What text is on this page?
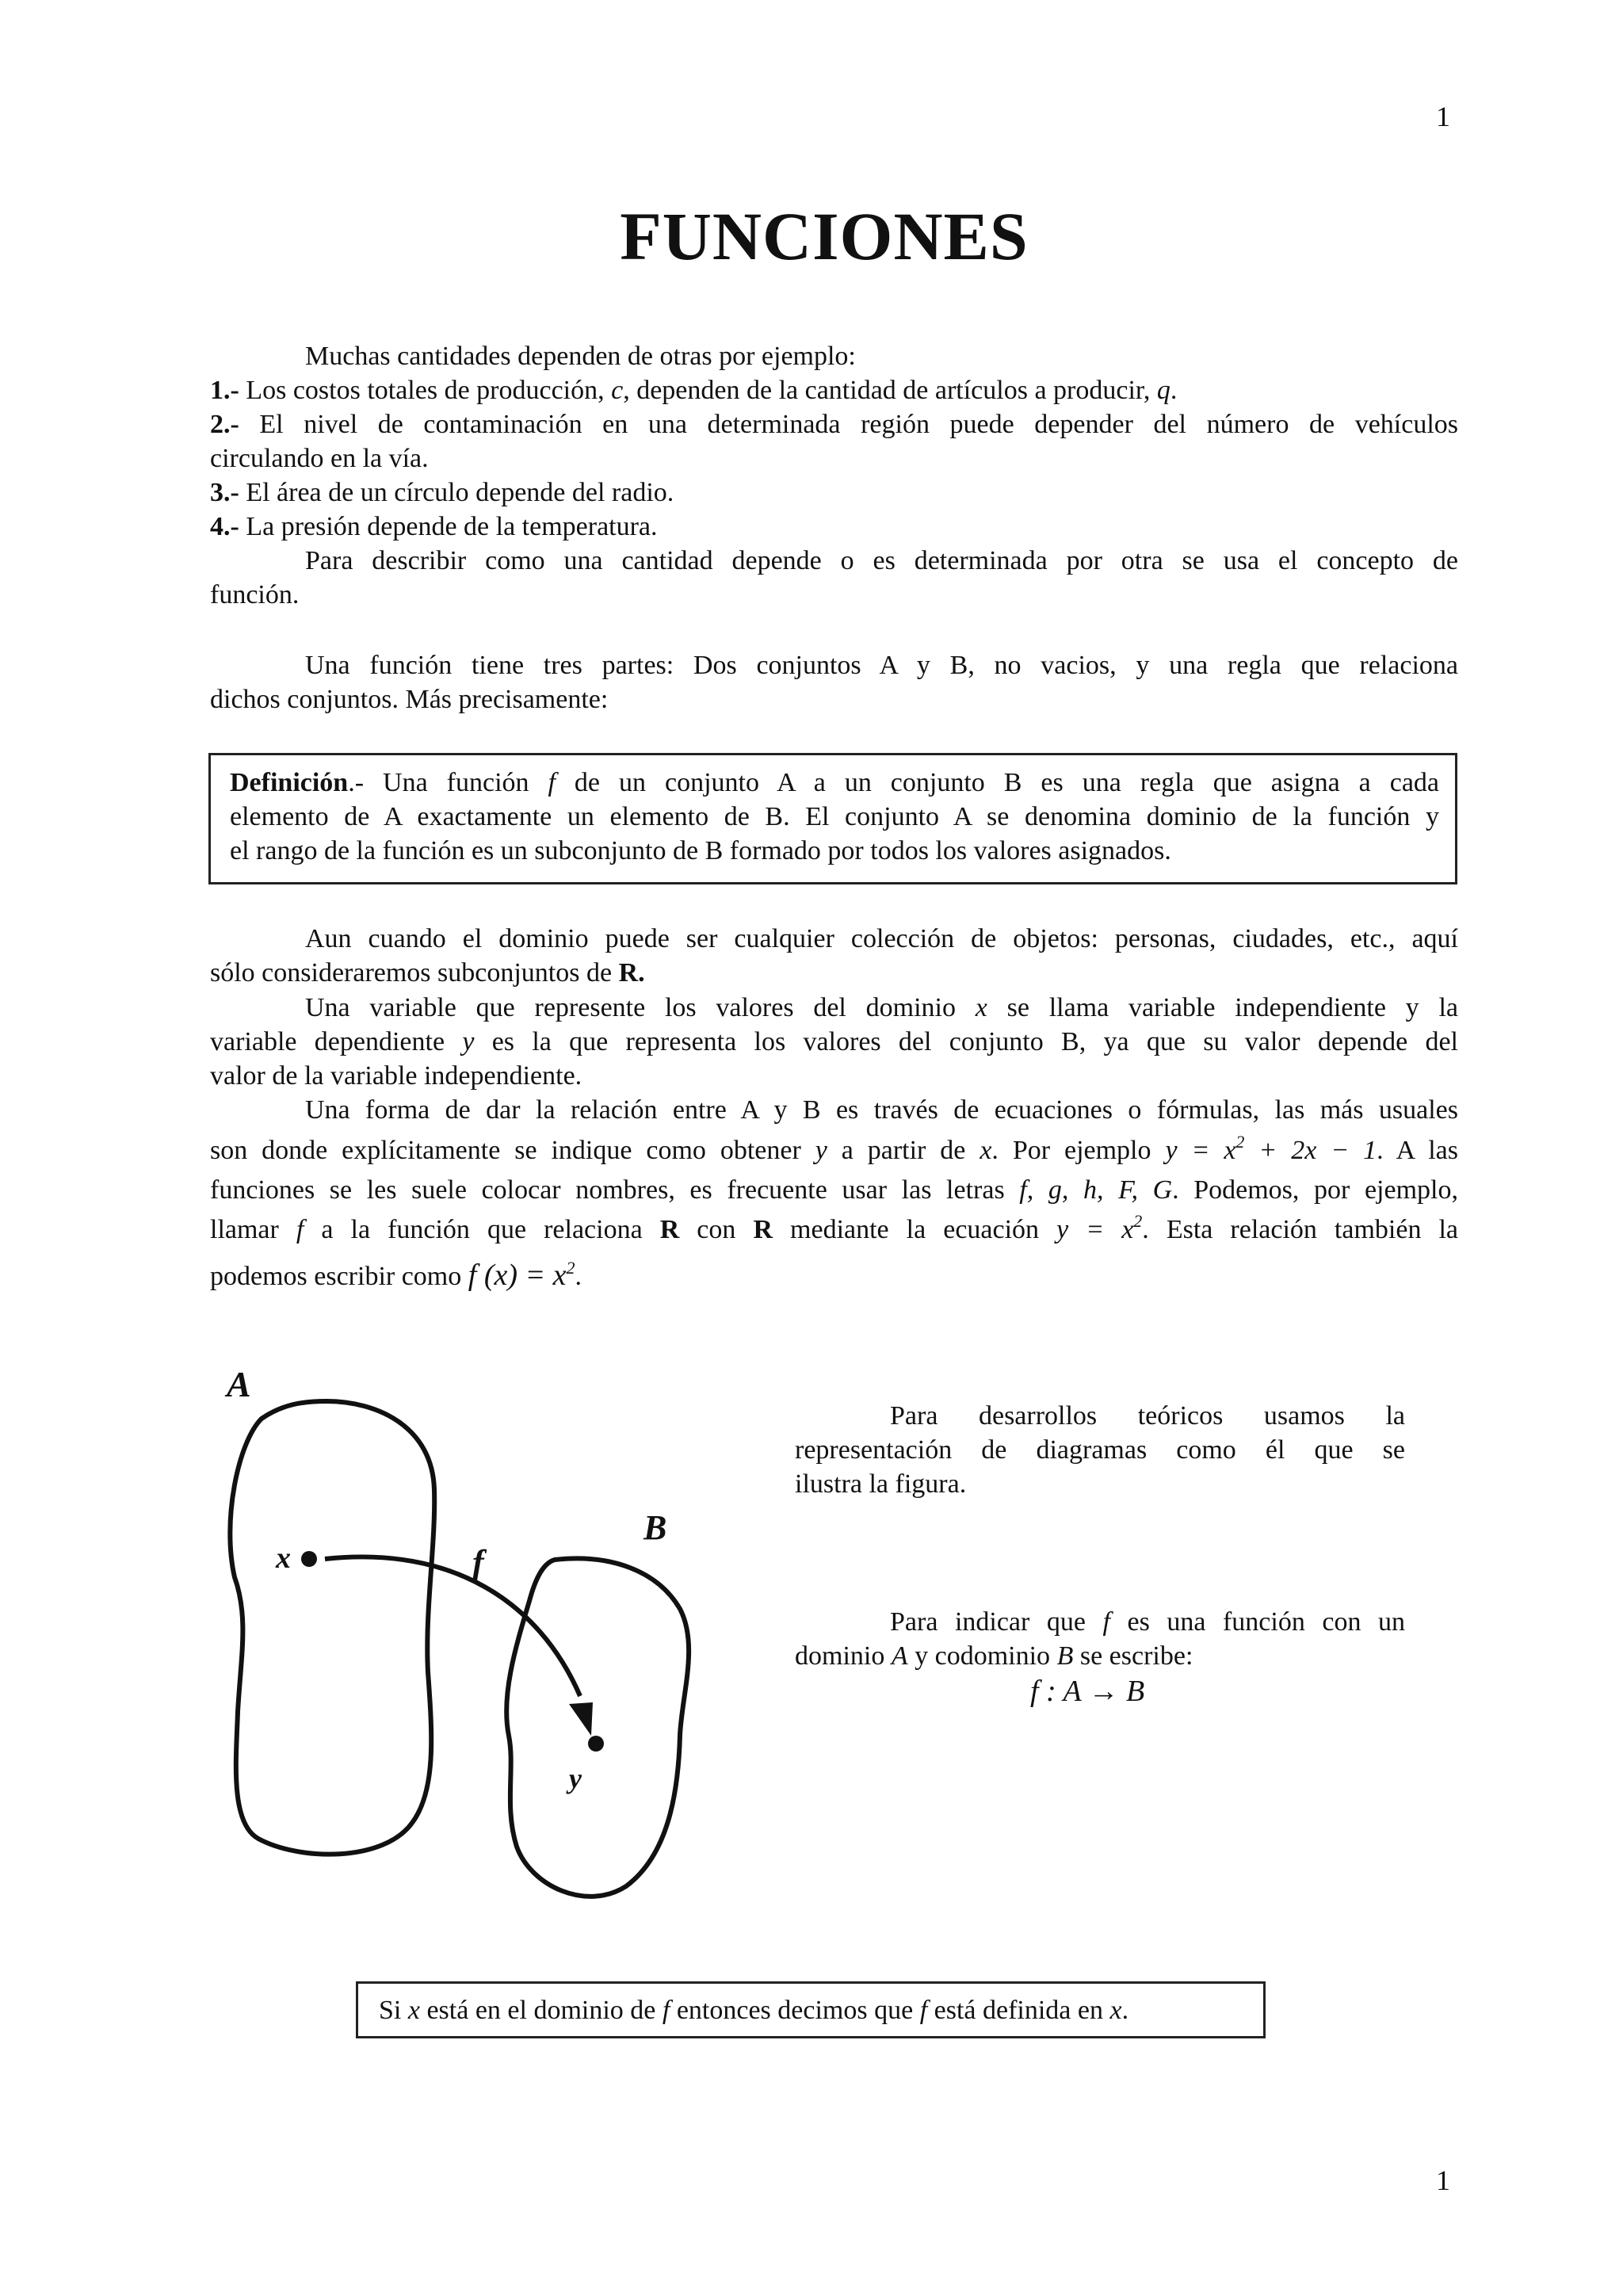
1
1
FUNCIONES
Muchas cantidades dependen de otras por ejemplo:
1.- Los costos totales de producción, c, dependen de la cantidad de artículos a producir, q.
2.- El nivel de contaminación en una determinada región puede depender del número de vehículos
circulando en la vía.
3.- El área de un círculo depende del radio.
4.- La presión depende de la temperatura.
Para describir como una cantidad depende o es determinada por otra se usa el concepto de
función.
Una función tiene tres partes: Dos conjuntos A y B, no vacios, y una regla que relaciona
dichos conjuntos. Más precisamente:
Definición.- Una función f de un conjunto A a un conjunto B es una regla que asigna a cada
elemento de A exactamente un elemento de B. El conjunto A se denomina dominio de la función y
el rango de la función es un subconjunto de B formado por todos los valores asignados.
Aun cuando el dominio puede ser cualquier colección de objetos: personas, ciudades, etc., aquí
sólo consideraremos subconjuntos de R.
Una variable que represente los valores del dominio x se llama variable independiente y la
variable dependiente y es la que representa los valores del conjunto B, ya que su valor depende del
valor de la variable independiente.
Una forma de dar la relación entre A y B es través de ecuaciones o fórmulas, las más usuales
son donde explícitamente se indique como obtener y a partir de x. Por ejemplo $y = x^2 + 2x - 1$. A las
funciones se les suele colocar nombres, es frecuente usar las letras f, g, h, F, G. Podemos, por ejemplo,
llamar f a la función que relaciona R con R mediante la ecuación $y = x^2$. Esta relación también la
podemos escribir como f $(x) = x^2$.
A
B
x	f
y
Para desarrollos teóricos usamos la
representación de diagramas como él que se
ilustra la figura.
Para indicar que f es una función con un
dominio A y codominio B se escribe:
f : A → B
Si x está en el dominio de f entonces decimos que f está definida en x.
